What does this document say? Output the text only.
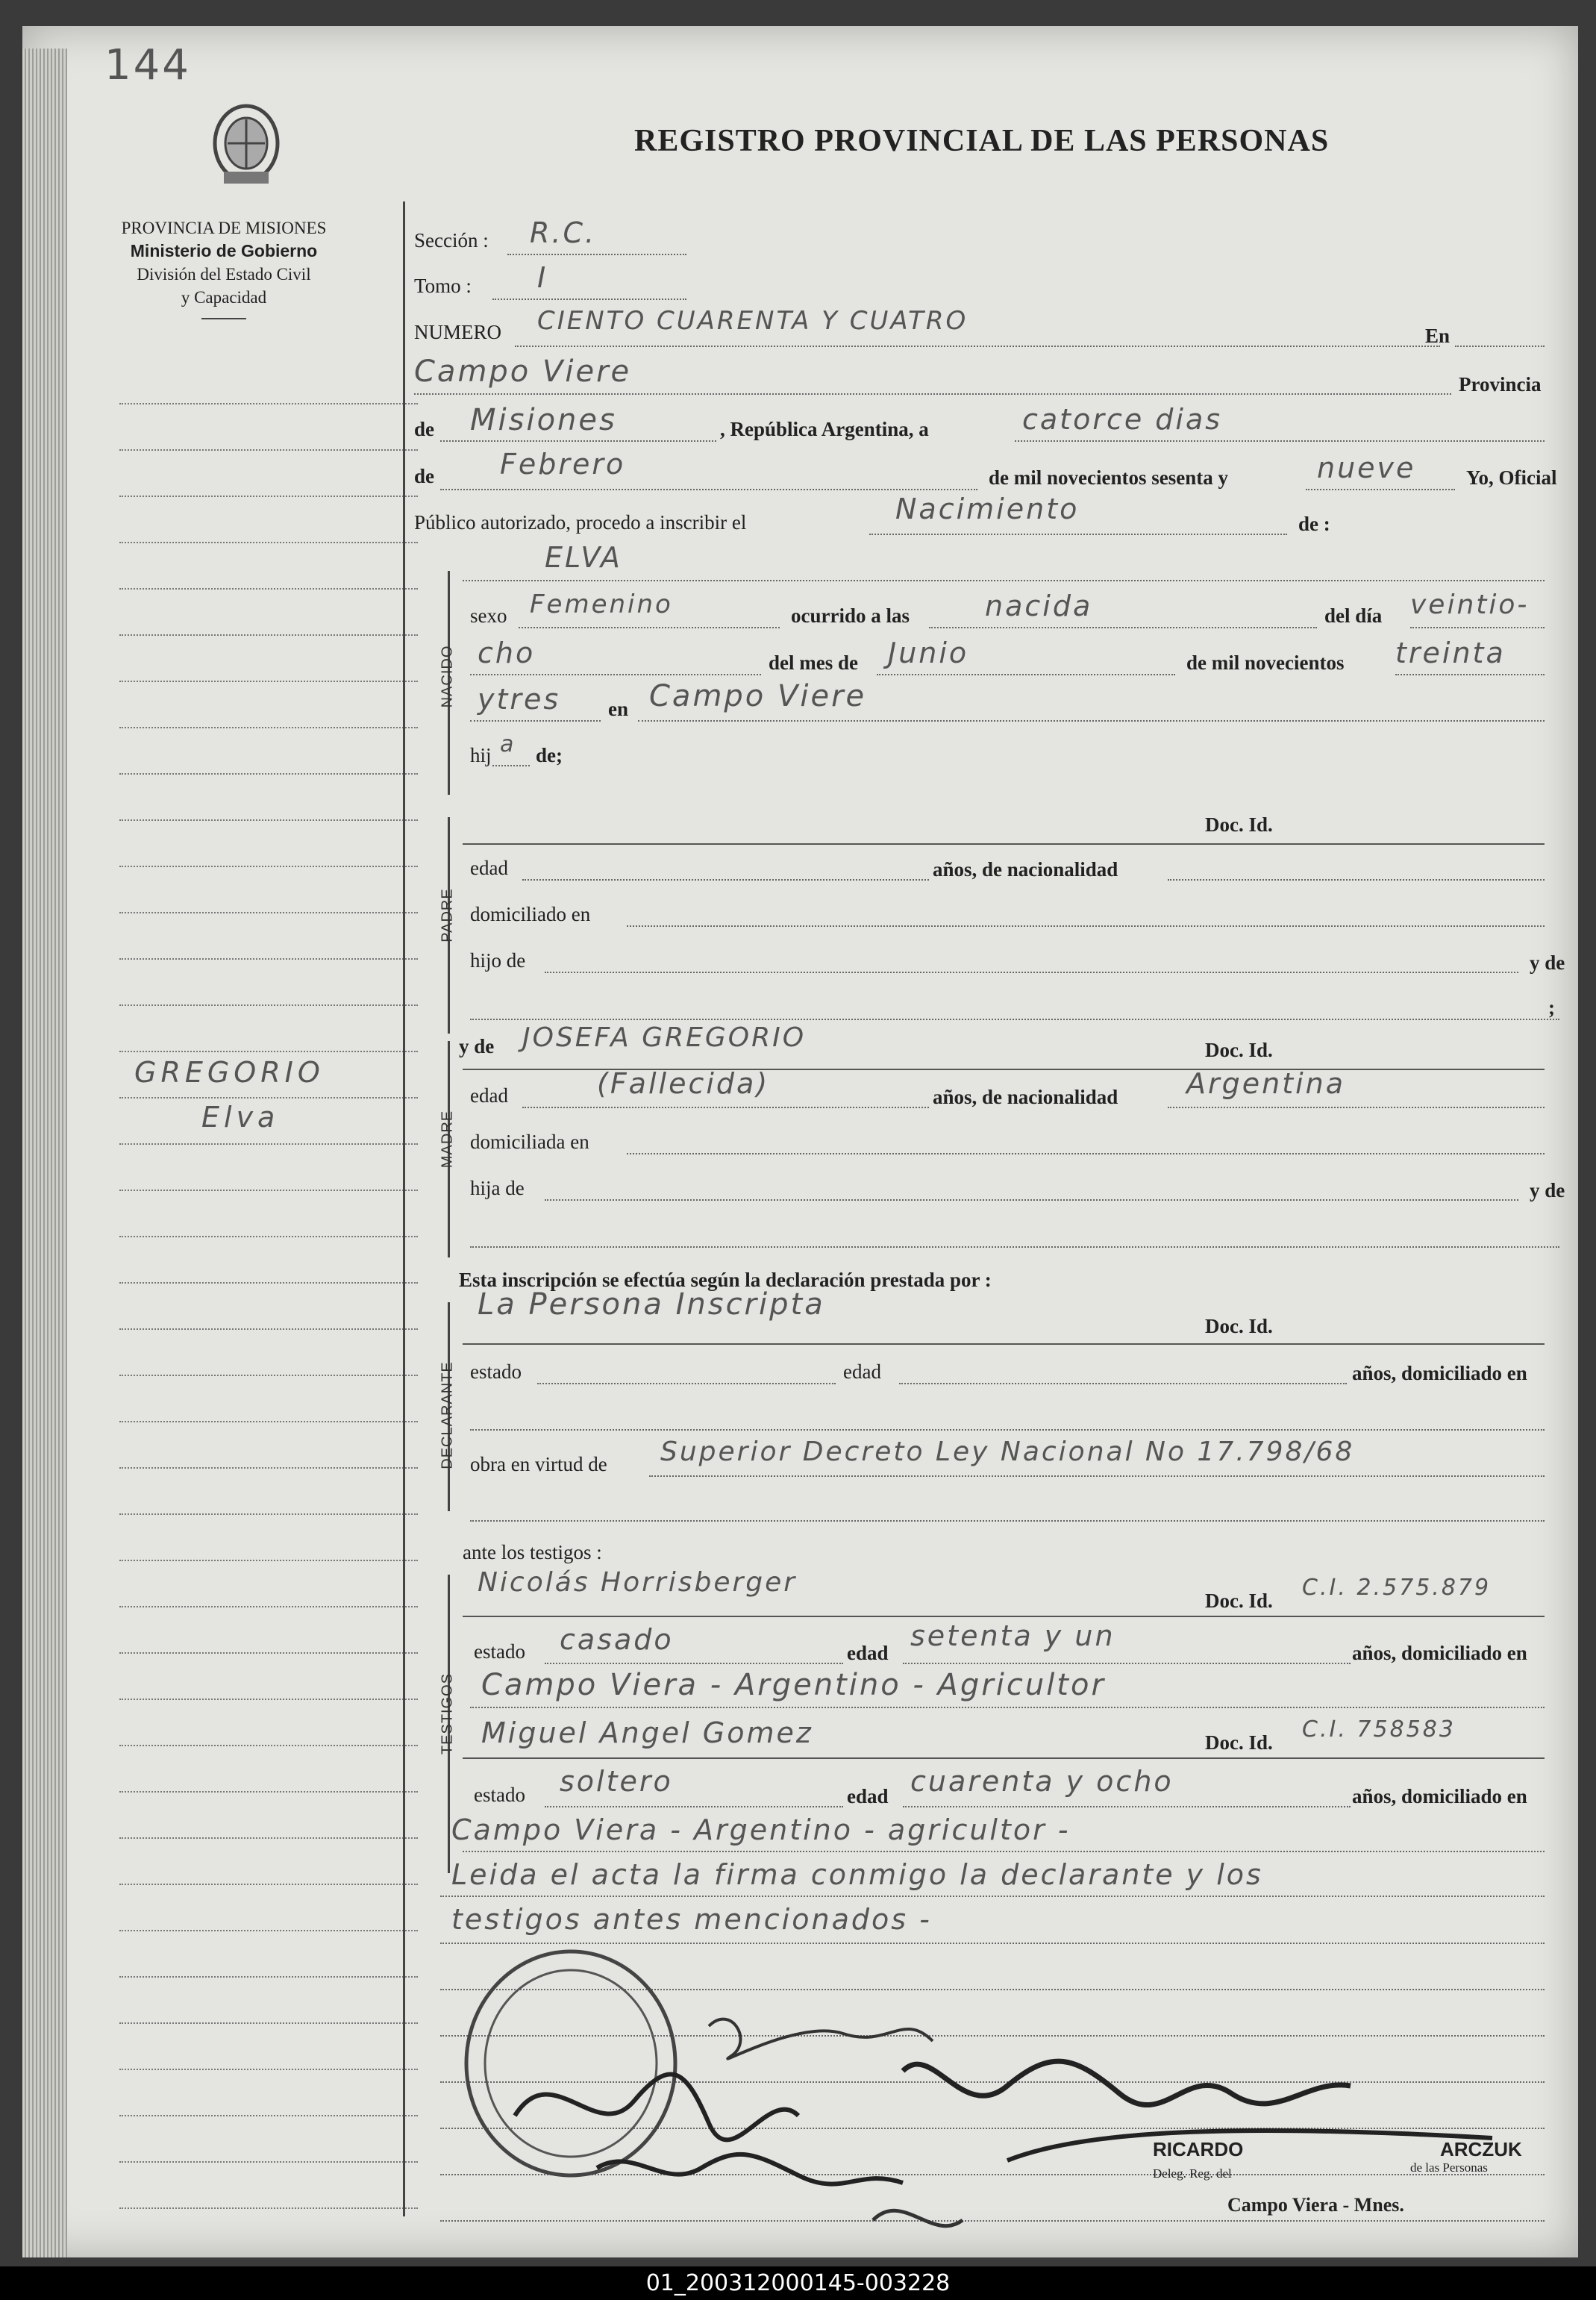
144
REGISTRO PROVINCIAL DE LAS PERSONAS
PROVINCIA DE MISIONES
Ministerio de Gobierno
División del Estado Civil
y Capacidad
GREGORIO
Elva
Sección : R.C.
Tomo : I
NUMERO CIENTO CUARENTA Y CUATRO	En
Campo Viere	Provincia
de Misiones	, República Argentina, a	catorce dias
de Febrero	de mil novecientos sesenta y	nueve	Yo, Oficial
Público autorizado, procedo a inscribir el	Nacimiento	de :
NACIDO
ELVA
sexo Femenino	ocurrido a las	nacida	del día veintio-
cho	del mes de Junio	de mil novecientos treinta
ytres en Campo Viere
hij a de;
PADRE
Doc. Id.
edad	años, de nacionalidad
domiciliado en
hijo de	y de
;
MADRE
y de JOSEFA GREGORIO	Doc. Id.
edad	(Fallecida)	años, de nacionalidad Argentina
domiciliada en
hija de	y de
Esta inscripción se efectúa según la declaración prestada por :
DECLARANTE
La Persona Inscripta
Doc. Id.
estado	edad	años, domiciliado en
obra en virtud de Superior Decreto Ley Nacional No 17.798/68
ante los testigos :
TESTIGOS
Nicolás Horrisberger
Doc. Id. C.I. 2.575.879
estado casado	edad
setenta y un
años, domiciliado en
Campo Viera - Argentino - Agricultor
Miguel Angel Gomez	Doc. Id. C.I. 758583
estado soltero	edad cuarenta y ocho	años, domiciliado en
Campo Viera - Argentino - agricultor -
Leida el acta la firma conmigo la declarante y los
testigos antes mencionados -
RICARDO	ARCZUK
Deleg. Reg. del	de las Personas
Campo Viera - Mnes.
01_200312000145-003228
